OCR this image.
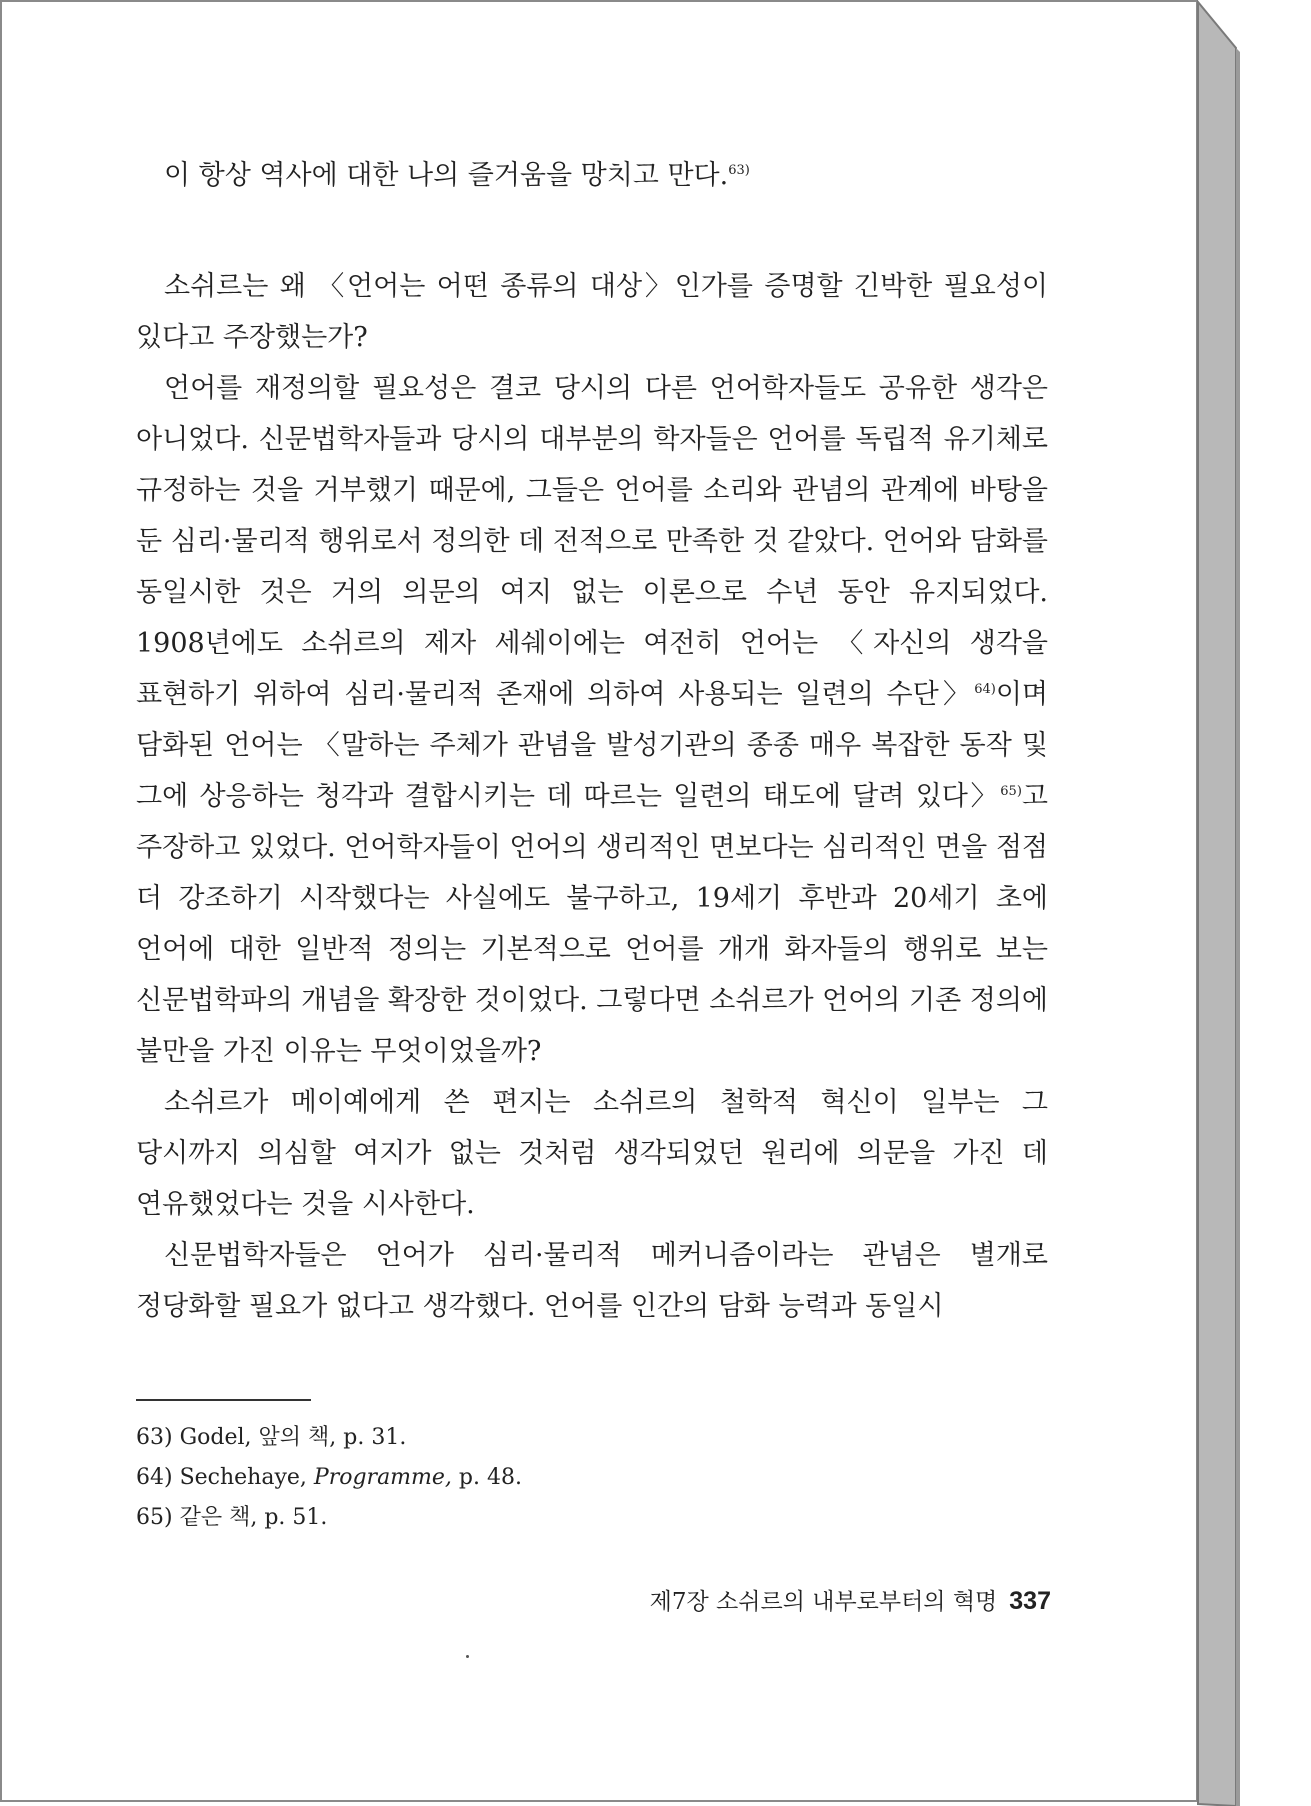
이 항상 역사에 대한 나의 즐거움을 망치고 만다.$^{63)}$
소쉬르는 왜 〈언어는 어떤 종류의 대상〉인가를 증명할 긴박한 필요성이 있다고 주장했는가?
언어를 재정의할 필요성은 결코 당시의 다른 언어학자들도 공유한 생각은 아니었다. 신문법학자들과 당시의 대부분의 학자들은 언어를 독립적 유기체로 규정하는 것을 거부했기 때문에, 그들은 언어를 소리와 관념의 관계에 바탕을 둔 심리·물리적 행위로서 정의한 데 전적으로 만족한 것 같았다. 언어와 담화를 동일시한 것은 거의 의문의 여지 없는 이론으로 수년 동안 유지되었다. 1908년에도 소쉬르의 제자 세쉐이에는 여전히 언어는 〈자신의 생각을 표현하기 위하여 심리·물리적 존재에 의하여 사용되는 일련의 수단〉$^{64)}$이며 담화된 언어는 〈말하는 주체가 관념을 발성기관의 종종 매우 복잡한 동작 및 그에 상응하는 청각과 결합시키는 데 따르는 일련의 태도에 달려 있다〉$^{65)}$고 주장하고 있었다. 언어학자들이 언어의 생리적인 면보다는 심리적인 면을 점점 더 강조하기 시작했다는 사실에도 불구하고, 19세기 후반과 20세기 초에 언어에 대한 일반적 정의는 기본적으로 언어를 개개 화자들의 행위로 보는 신문법학파의 개념을 확장한 것이었다. 그렇다면 소쉬르가 언어의 기존 정의에 불만을 가진 이유는 무엇이었을까?
소쉬르가 메이예에게 쓴 편지는 소쉬르의 철학적 혁신이 일부는 그 당시까지 의심할 여지가 없는 것처럼 생각되었던 원리에 의문을 가진 데 연유했었다는 것을 시사한다.
신문법학자들은 언어가 심리·물리적 메커니즘이라는 관념은 별개로 정당화할 필요가 없다고 생각했다. 언어를 인간의 담화 능력과 동일시
63) Godel, 앞의 책, p. 31.
64) Sechehaye, Programme, p. 48.
65) 같은 책, p. 51.
제7장 소쉬르의 내부로부터의 혁명 337
